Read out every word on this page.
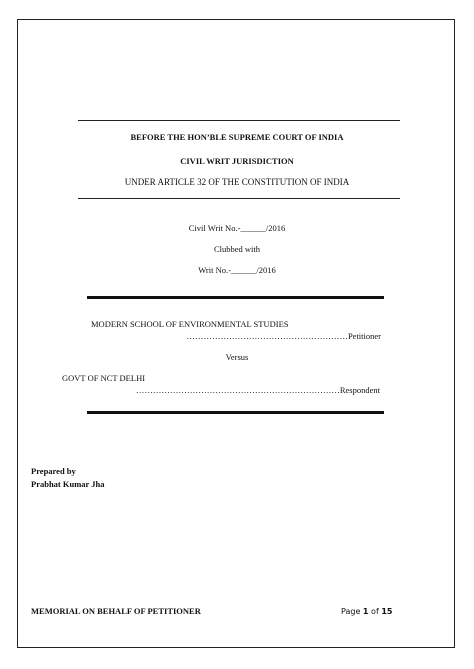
BEFORE THE HON’BLE SUPREME COURT OF INDIA
CIVIL WRIT JURISDICTION
UNDER ARTICLE 32 OF THE CONSTITUTION OF INDIA
Civil Writ No.-______/2016
Clubbed with
Writ No.-______/2016
MODERN SCHOOL OF ENVIRONMENTAL STUDIES
…………………………………………………Petitioner
Versus
GOVT OF NCT DELHI
………………………………………………………………Respondent
Prepared by
Prabhat Kumar Jha
MEMORIAL ON BEHALF OF PETITIONER	Page 1 of 15
